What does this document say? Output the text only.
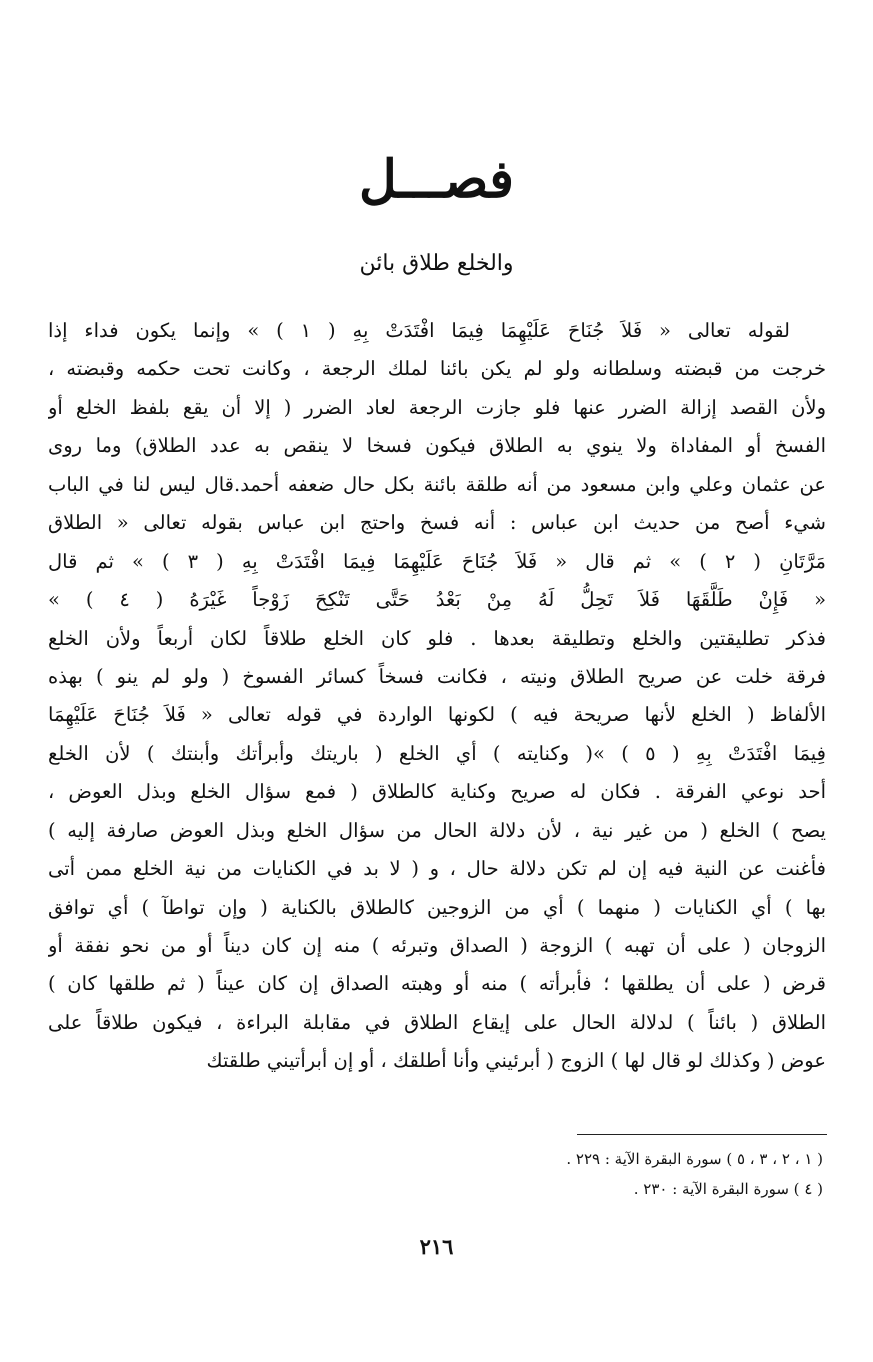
فصـــل
والخلع طلاق بائن
لقوله تعالى « فَلاَ جُنَاحَ عَلَيْهِمَا فِيمَا افْتَدَتْ بِهِ ( ١ ) » وإنما يكون فداء إذا
خرجت من قبضته وسلطانه ولو لم يكن بائنا لملك الرجعة ، وكانت تحت حكمه وقبضته ،
ولأن القصد إزالة الضرر عنها فلو جازت الرجعة لعاد الضرر ( إلا أن يقع بلفظ الخلع أو
الفسخ أو المفاداة ولا ينوي به الطلاق فيكون فسخا لا ينقص به عدد الطلاق) وما روى
عن عثمان وعلي وابن مسعود من أنه طلقة بائنة بكل حال ضعفه أحمد.قال ليس لنا في الباب
شيء أصح من حديث ابن عباس : أنه فسخ واحتج ابن عباس بقوله تعالى « الطلاق
مَرَّتَانِ ( ٢ ) » ثم قال « فَلاَ جُنَاحَ عَلَيْهِمَا فِيمَا افْتَدَتْ بِهِ ( ٣ ) » ثم قال
« فَإِنْ طَلَّقَهَا فَلاَ تَحِلُّ لَهُ مِنْ بَعْدُ حَتَّى تَنْكِحَ زَوْجاً غَيْرَهُ ( ٤ ) »
فذكر تطليقتين والخلع وتطليقة بعدها . فلو كان الخلع طلاقاً لكان أربعاً ولأن الخلع
فرقة خلت عن صريح الطلاق ونيته ، فكانت فسخاً كسائر الفسوخ ( ولو لم ينو ) بهذه
الألفاظ ( الخلع لأنها صريحة فيه ) لكونها الواردة في قوله تعالى « فَلاَ جُنَاحَ عَلَيْهِمَا
فِيمَا افْتَدَتْ بِهِ ( ٥ ) »( وكنايته ) أي الخلع ( باريتك وأبرأتك وأبنتك ) لأن الخلع
أحد نوعي الفرقة . فكان له صريح وكناية كالطلاق ( فمع سؤال الخلع وبذل العوض ،
يصح ) الخلع ( من غير نية ، لأن دلالة الحال من سؤال الخلع وبذل العوض صارفة إليه )
فأغنت عن النية فيه إن لم تكن دلالة حال ، و ( لا بد في الكنايات من نية الخلع ممن أتى
بها ) أي الكنايات ( منهما ) أي من الزوجين كالطلاق بالكناية ( وإن تواطآ ) أي توافق
الزوجان ( على أن تهبه ) الزوجة ( الصداق وتبرئه ) منه إن كان ديناً أو من نحو نفقة أو
قرض ( على أن يطلقها ؛ فأبرأته ) منه أو وهبته الصداق إن كان عيناً ( ثم طلقها كان )
الطلاق ( بائناً ) لدلالة الحال على إيقاع الطلاق في مقابلة البراءة ، فيكون طلاقاً على
عوض ( وكذلك لو قال لها ) الزوج ( أبرئيني وأنا أطلقك ، أو إن أبرأتيني طلقتك
( ١ ، ٢ ، ٣ ، ٥ ) سورة البقرة الآية : ٢٢٩ .
( ٤ ) سورة البقرة الآية : ٢٣٠ .
٢١٦
